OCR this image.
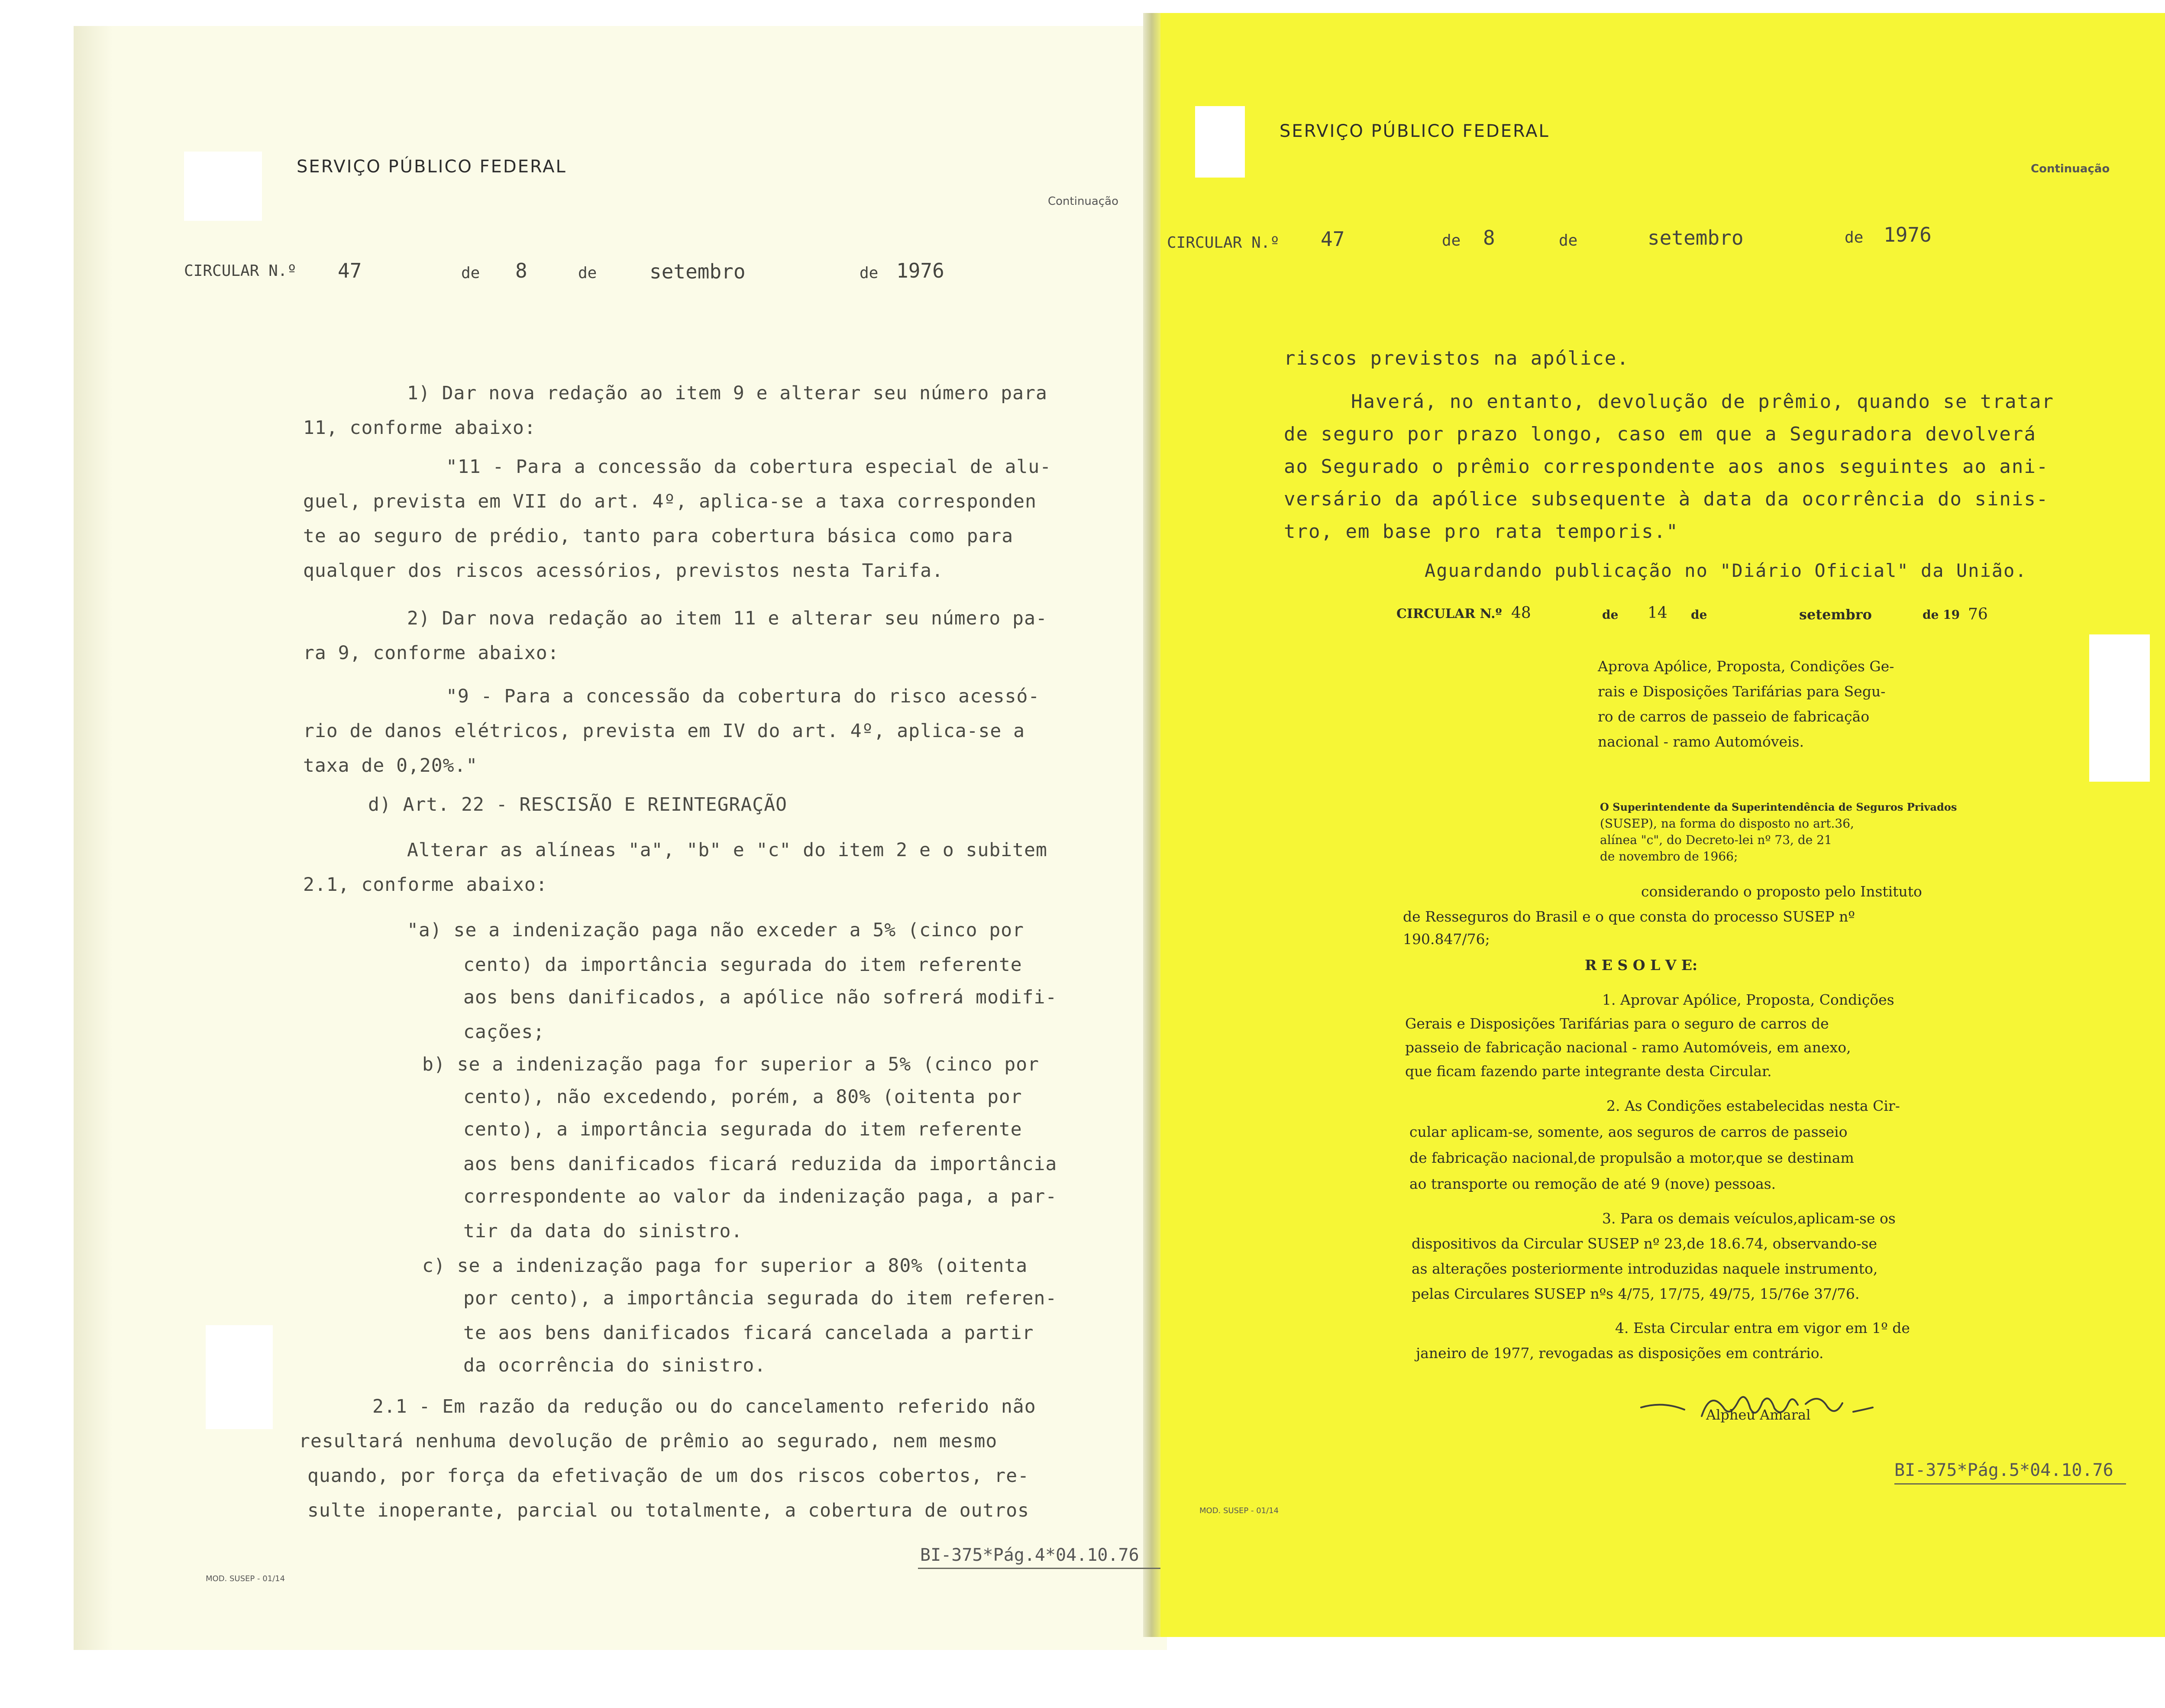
SERVIÇO PÚBLICO FEDERAL
Continuação
CIRCULAR N.º 47	de 8	de	setembro	de 1976
1) Dar nova redação ao item 9 e alterar seu número para
11, conforme abaixo:
"11 - Para a concessão da cobertura especial de alu-
guel, prevista em VII do art. 4º, aplica-se a taxa corresponden
te ao seguro de prédio, tanto para cobertura básica como para
qualquer dos riscos acessórios, previstos nesta Tarifa.
2) Dar nova redação ao item 11 e alterar seu número pa-
ra 9, conforme abaixo:
"9 - Para a concessão da cobertura do risco acessó-
rio de danos elétricos, prevista em IV do art. 4º, aplica-se a
taxa de 0,20%."
d) Art. 22 - RESCISÃO E REINTEGRAÇÃO
Alterar as alíneas "a", "b" e "c" do item 2 e o subitem
2.1, conforme abaixo:
"a) se a indenização paga não exceder a 5% (cinco por
cento) da importância segurada do item referente
aos bens danificados, a apólice não sofrerá modifi-
cações;
b) se a indenização paga for superior a 5% (cinco por
cento), não excedendo, porém, a 80% (oitenta por
cento), a importância segurada do item referente
aos bens danificados ficará reduzida da importância
correspondente ao valor da indenização paga, a par-
tir da data do sinistro.
c) se a indenização paga for superior a 80% (oitenta
por cento), a importância segurada do item referen-
te aos bens danificados ficará cancelada a partir
da ocorrência do sinistro.
2.1 - Em razão da redução ou do cancelamento referido não
resultará nenhuma devolução de prêmio ao segurado, nem mesmo
quando, por força da efetivação de um dos riscos cobertos, re-
sulte inoperante, parcial ou totalmente, a cobertura de outros
MOD. SUSEP - 01/14
BI-375*Pág.4*04.10.76
SERVIÇO PÚBLICO FEDERAL
Continuação
CIRCULAR N.º 47	de 8	de	setembro	de 1976
riscos previstos na apólice.
Haverá, no entanto, devolução de prêmio, quando se tratar
de seguro por prazo longo, caso em que a Seguradora devolverá
ao Segurado o prêmio correspondente aos anos seguintes ao ani-
versário da apólice subsequente à data da ocorrência do sinis-
tro, em base pro rata temporis."
Aguardando publicação no "Diário Oficial" da União.
CIRCULAR N.º 48	de 14 de	setembro	de 19 76
Aprova Apólice, Proposta, Condições Ge-
rais e Disposições Tarifárias para Segu-
ro de carros de passeio de fabricação
nacional - ramo Automóveis.
O Superintendente da Superintendência de Seguros Privados
(SUSEP), na forma do disposto no art.36,
alínea "c", do Decreto-lei nº 73, de 21
de novembro de 1966;
considerando o proposto pelo Instituto
de Resseguros do Brasil e o que consta do processo SUSEP nº
190.847/76;
R E S O L V E:
1. Aprovar Apólice, Proposta, Condições
Gerais e Disposições Tarifárias para o seguro de carros de
passeio de fabricação nacional - ramo Automóveis, em anexo,
que ficam fazendo parte integrante desta Circular.
2. As Condições estabelecidas nesta Cir-
cular aplicam-se, somente, aos seguros de carros de passeio
de fabricação nacional,de propulsão a motor,que se destinam
ao transporte ou remoção de até 9 (nove) pessoas.
3. Para os demais veículos,aplicam-se os
dispositivos da Circular SUSEP nº 23,de 18.6.74, observando-se
as alterações posteriormente introduzidas naquele instrumento,
pelas Circulares SUSEP nºs 4/75, 17/75, 49/75, 15/76e 37/76.
4. Esta Circular entra em vigor em 1º de
janeiro de 1977, revogadas as disposições em contrário.
Alpheu Amaral
MOD. SUSEP - 01/14
BI-375*Pág.5*04.10.76
